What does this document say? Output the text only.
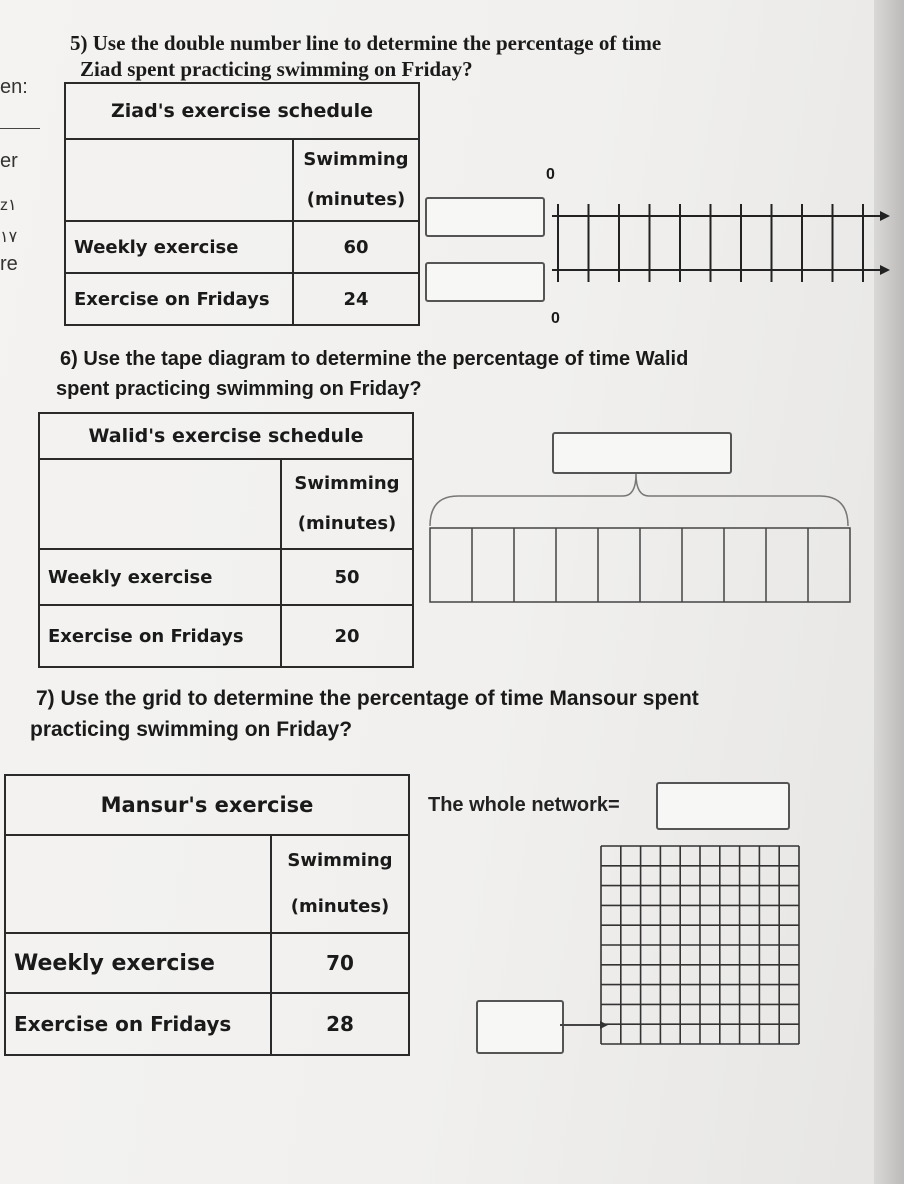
en:
er
z١
١٧
re
5) Use the double number line to determine the percentage of time
Ziad spent practicing swimming on Friday?
Ziad's exercise schedule	

	Swimming
(minutes)

Weekly exercise	60
Exercise on Fridays	24
0
0
6) Use the tape diagram to determine the percentage of time Walid
spent practicing swimming on Friday?
Walid's exercise schedule	

	Swimming
(minutes)

Weekly exercise	50
Exercise on Fridays	20
7) Use the grid to determine the percentage of time Mansour spent
practicing swimming on Friday?
Mansur's exercise	

	Swimming
(minutes)

Weekly exercise	70
Exercise on Fridays	28
The whole network=
